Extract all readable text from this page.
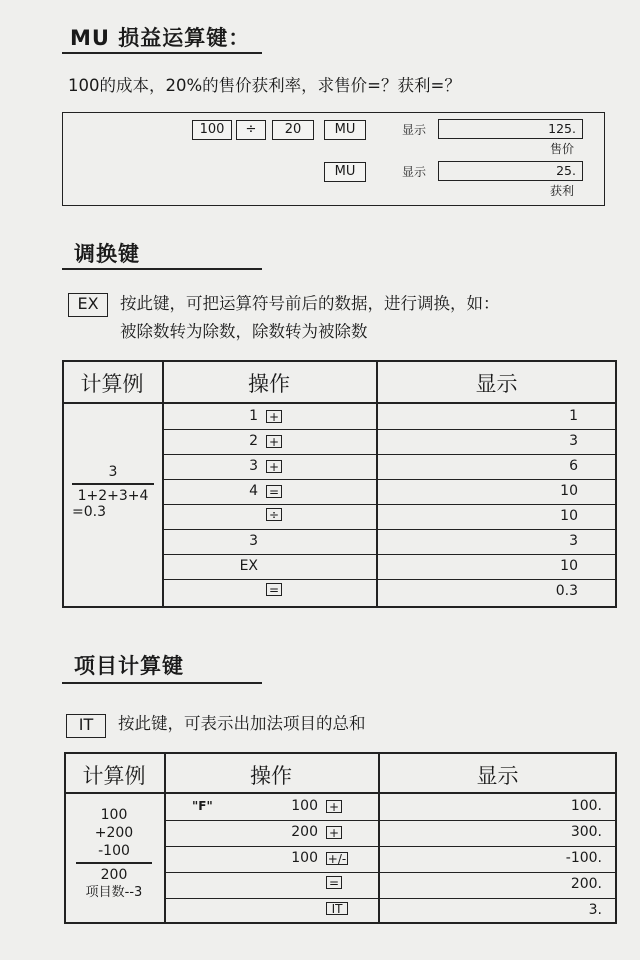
MU 损益运算键：
100的成本，20%的售价获利率，求售价=？获利=？
100	÷	20	MU	显示	125.
售价
MU	显示	25.
获利
调换键
EX	按此键，可把运算符号前后的数据，进行调换，如：
被除数转为除数，除数转为被除数
计算例	操作	显示
3
1+2+3+4
=0.3
1 +	1
2 +	3
3 +	6
4 =	10
÷	10
3	3
EX	10
=	0.3
项目计算键
IT	按此键，可表示出加法项目的总和
计算例	操作	显示
100
+200
-100
200
项目数--3
"F"	100 +	100.
200 +	300.
100 +/-	-100.
=	200.
IT	3.
